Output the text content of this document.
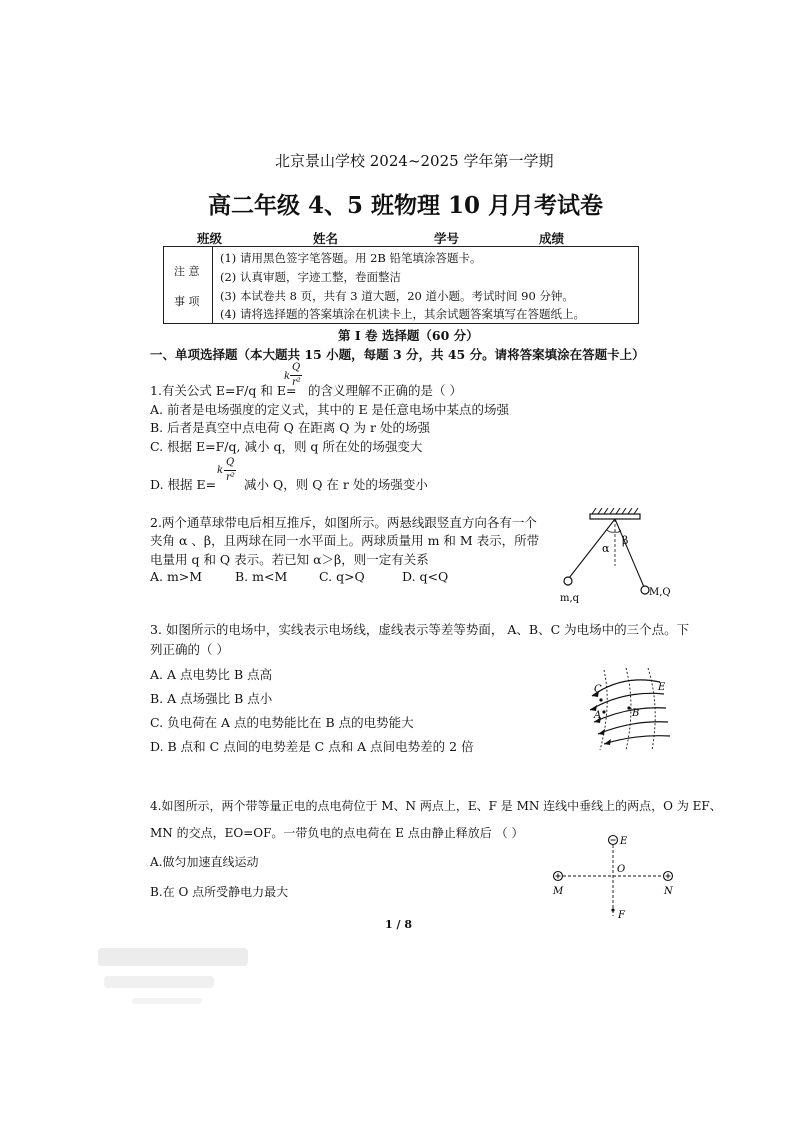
北京景山学校 2024~2025 学年第一学期
高二年级 4、5 班物理 10 月月考试卷
班级	姓名	学号	成绩
注 意
事 项
(1) 请用黑色签字笔答题。用 2B 铅笔填涂答题卡。
(2) 认真审题，字迹工整，卷面整洁
(3) 本试卷共 8 页，共有 3 道大题，20 道小题。考试时间 90 分钟。
(4) 请将选择题的答案填涂在机读卡上，其余试题答案填写在答题纸上。
第 I 卷 选择题（60 分）
一、单项选择题（本大题共 15 小题，每题 3 分，共 45 分。请将答案填涂在答题卡上）
1.有关公式 E=F/q 和 E=
k
Q
r²
的含义理解不正确的是（ ）
A. 前者是电场强度的定义式，其中的 E 是任意电场中某点的场强
B. 后者是真空中点电荷 Q 在距离 Q 为 r 处的场强
C. 根据 E=F/q, 减小 q，则 q 所在处的场强变大
D. 根据 E=
k
Q
r² 减小 Q，则 Q 在 r 处的场强变小
2.两个通草球带电后相互推斥，如图所示。两悬线跟竖直方向各有一个
夹角 α 、β，且两球在同一水平面上。两球质量用 m 和 M 表示，所带
电量用 q 和 Q 表示。若已知 α＞β，则一定有关系
A. m>M	B. m<M	C. q>Q	D. q<Q
α
β
m,q
M,Q
3. 如图所示的电场中，实线表示电场线，虚线表示等差等势面， A、B、C 为电场中的三个点。下
列正确的（ ）
A. A 点电势比 B 点高
B. A 点场强比 B 点小
C. 负电荷在 A 点的电势能比在 B 点的电势能大
D. B 点和 C 点间的电势差是 C 点和 A 点间电势差的 2 倍
C
A	B
E
4.如图所示，两个带等量正电的点电荷位于 M、N 两点上，E、F 是 MN 连线中垂线上的两点，O 为 EF、
MN 的交点，EO=OF。一带负电的点电荷在 E 点由静止释放后 （ ）
A.做匀加速直线运动
B.在 O 点所受静电力最大
E
O
M	N
F
1 / 8
